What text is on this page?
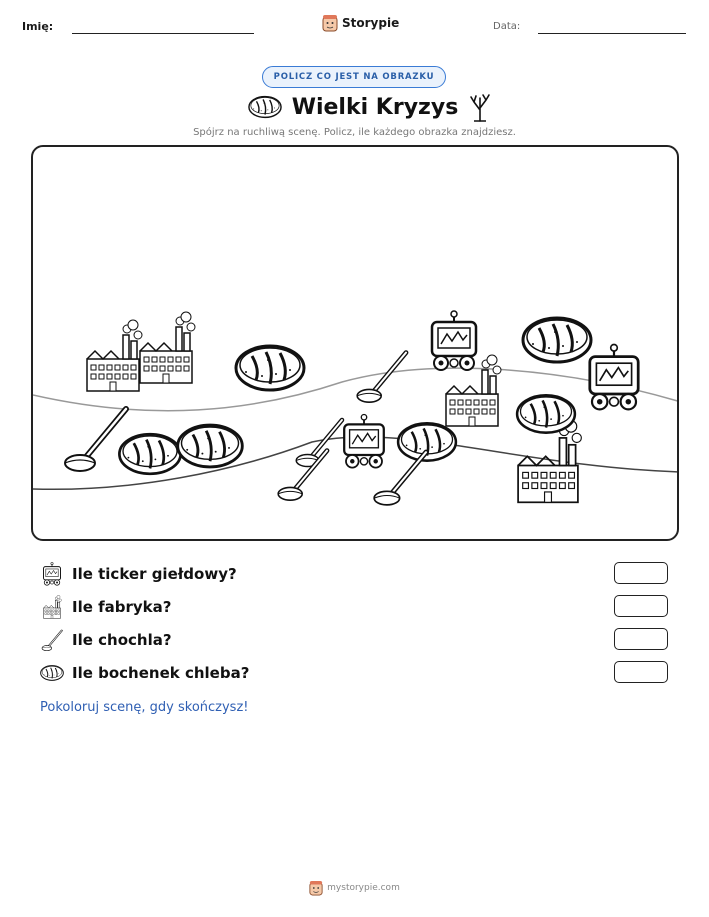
Imię:	Storypie	Data:
POLICZ CO JEST NA OBRAZKU
Wielki Kryzys
Spójrz na ruchliwą scenę. Policz, ile każdego obrazka znajdziesz.
Ile ticker giełdowy?
Ile fabryka?
Ile chochla?
Ile bochenek chleba?
Pokoloruj scenę, gdy skończysz!
mystorypie.com
